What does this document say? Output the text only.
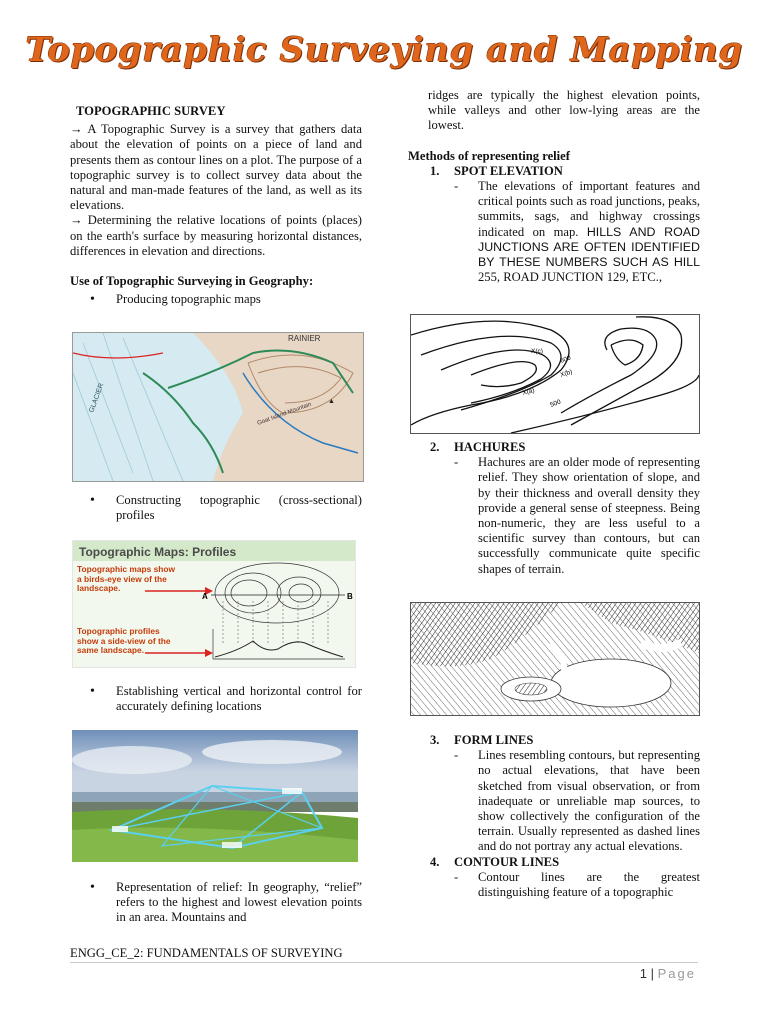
Topographic Surveying and Mapping

TOPOGRAPHIC SURVEY

→ A Topographic Survey is a survey that gathers data about the elevation of points on a piece of land and presents them as contour lines on a plot. The purpose of a topographic survey is to collect survey data about the natural and man-made features of the land, as well as its elevations.

→ Determining the relative locations of points (places) on the earth's surface by measuring horizontal distances, differences in elevation and directions.

Use of Topographic Surveying in Geography:

• Producing topographic maps

RAINIER
GLACIER
Goat Island Mountain
▲

• Constructing topographic (cross-sectional) profiles

Topographic Maps: Profiles
Topographic maps show a birds-eye view of the landscape.
Topographic profiles show a side-view of the same landscape.
A	B

• Establishing vertical and horizontal control for accurately defining locations

• Representation of relief: In geography, “relief” refers to the highest and lowest elevation points in an area. Mountains and

ridges are typically the highest elevation points, while valleys and other low-lying areas are the lowest.

Methods of representing relief

1. SPOT ELEVATION

- The elevations of important features and critical points such as road junctions, peaks, summits, sags, and highway crossings indicated on map. HILLS AND ROAD JUNCTIONS ARE OFTEN IDENTIFIED BY THESE NUMBERS SUCH AS HILL 255, ROAD JUNCTION 129, ETC.,

X(c)
600
X(b)
X(a)
500

2. HACHURES

- Hachures are an older mode of representing relief. They show orientation of slope, and by their thickness and overall density they provide a general sense of steepness. Being non-numeric, they are less useful to a scientific survey than contours, but can successfully communicate quite specific shapes of terrain.

3. FORM LINES

- Lines resembling contours, but representing no actual elevations, that have been sketched from visual observation, or from inadequate or unreliable map sources, to show collectively the configuration of the terrain. Usually represented as dashed lines and do not portray any actual elevations.

4. CONTOUR LINES

- Contour lines are the greatest distinguishing feature of a topographic

ENGG_CE_2: FUNDAMENTALS OF SURVEYING
1 | Page
